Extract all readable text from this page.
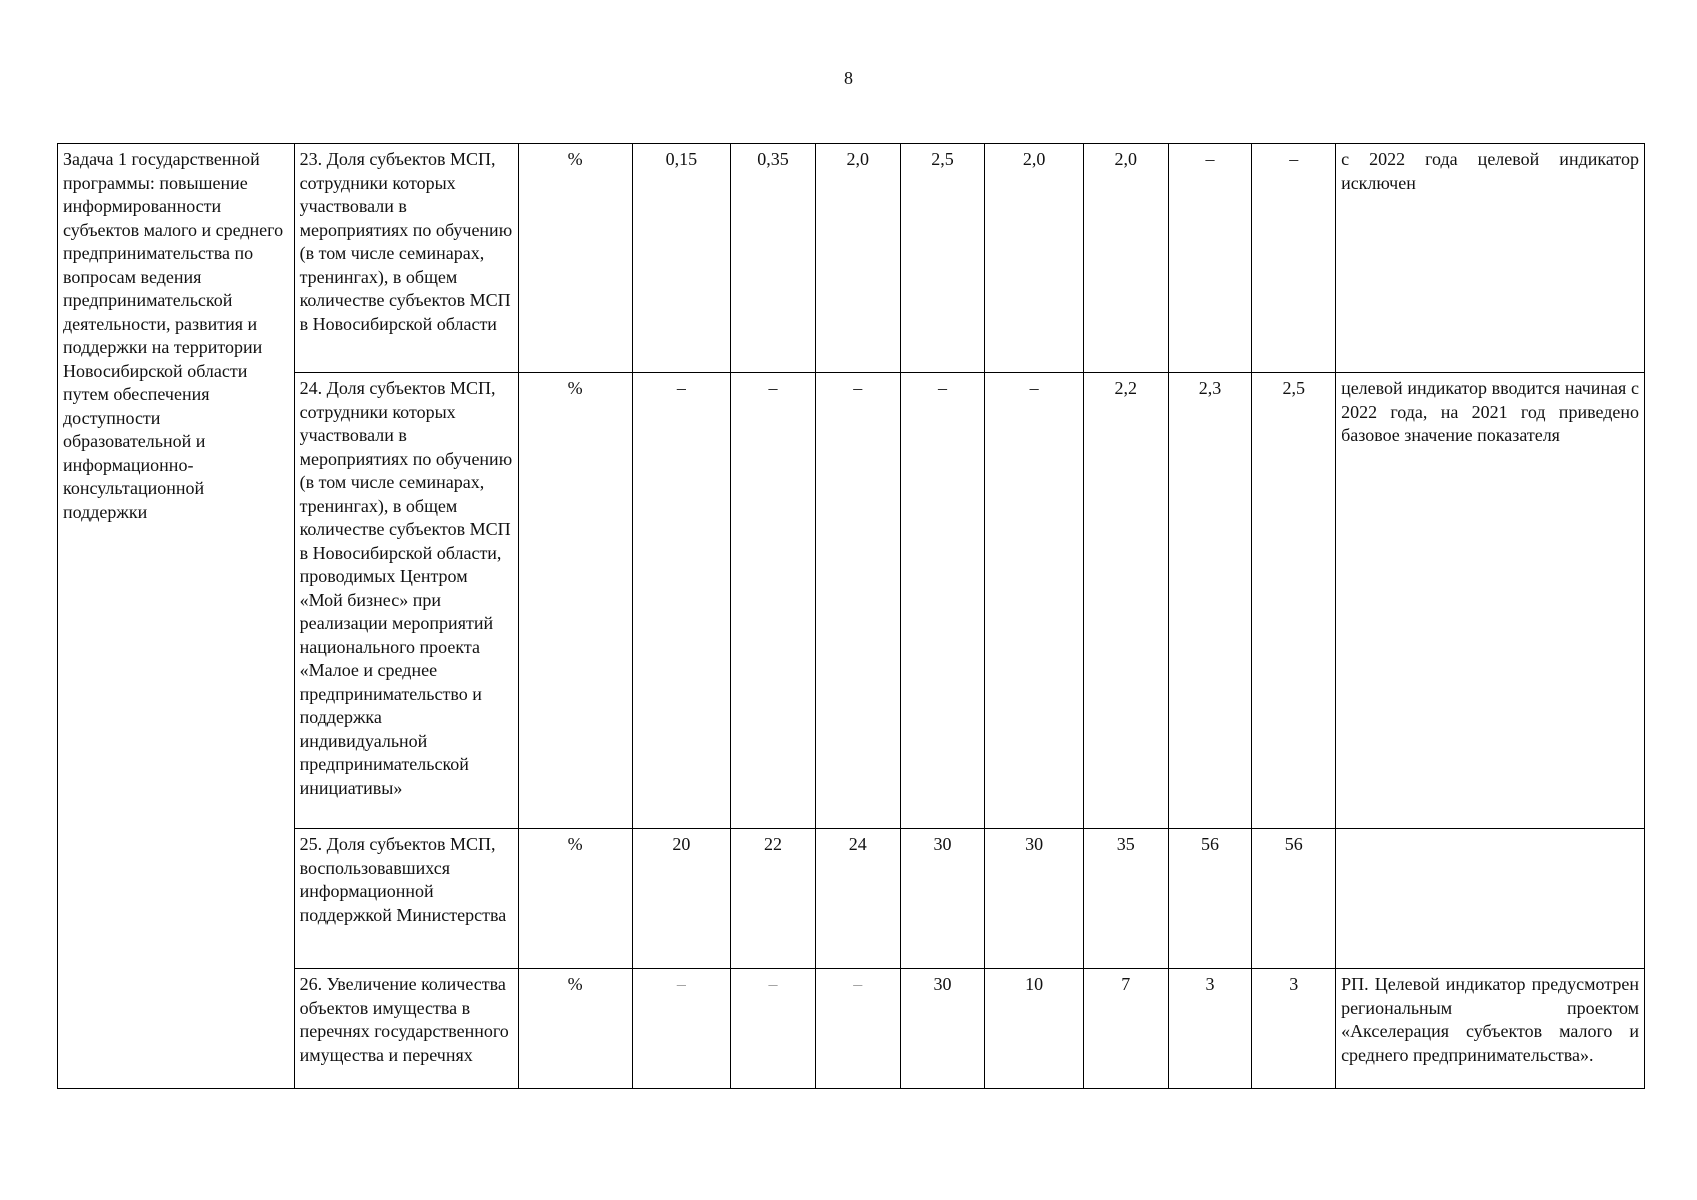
8
Задача 1 государственной программы: повышение информированности субъектов малого и среднего предпринимательства по вопросам ведения предпринимательской деятельности, развития и поддержки на территории Новосибирской области путем обеспечения доступности образовательной и информационно-консультационной поддержки	23. Доля субъектов МСП, сотрудники которых участвовали в мероприятиях по обучению (в том числе семинарах, тренингах), в общем количестве субъектов МСП в Новосибирской области	%	0,15	0,35	2,0	2,5	2,0	2,0	–	–	с 2022 года целевой индикатор исключен
	24. Доля субъектов МСП, сотрудники которых участвовали в мероприятиях по обучению (в том числе семинарах, тренингах), в общем количестве субъектов МСП в Новосибирской области, проводимых Центром «Мой бизнес» при реализации мероприятий национального проекта «Малое и среднее предпринимательство и поддержка индивидуальной предпринимательской инициативы»	%	–	–	–	–	–	2,2	2,3	2,5	целевой индикатор вводится начиная с 2022 года, на 2021 год приведено базовое значение показателя
	25. Доля субъектов МСП, воспользовавшихся информационной поддержкой Министерства	%	20	22	24	30	30	35	56	56	
	26. Увеличение количества объектов имущества в перечнях государственного имущества и перечнях	%	–	–	–	30	10	7	3	3	РП. Целевой индикатор предусмотрен региональным проектом «Акселерация субъектов малого и среднего предпринимательства».
